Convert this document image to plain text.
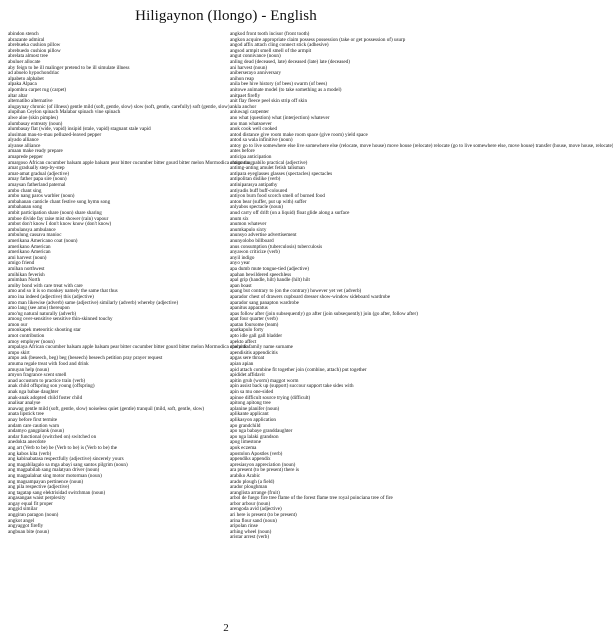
Hiligaynon (Ilongo) - English
abindon stench
abrazante admiral
abrebueka cushion pillow
abrebuedo cushion pillow
abrelata almost tree
abuluer allocate
aby feign to be ill malinger pretend to be ill simulate illness
ad abuelo hypochondriac
alpabeto alphabet
alpaka Alpaca
alpombra carpet rug (carpet)
altar altar
alternatibo alternative
alugaynay chronic (of illness) gentle mild (soft, gentle, slow) slow (soft, gentle, carefully) soft (gentle, slow)
alupihan Ceylon spinach Malabar spinach vine spinach
alwe aloe (skin pimples)
alumbasay entreaty (noun)
alumbasay flat (wide, vapid) insipid (stale, vapid) stagnant stale vapid
alusiman mau-to-mau pelluzed-leaved pepper
alyado alliance
alyanse alliance
amaan make ready prepare
amaprede pepper
amargoso African cucumber balsam apple balsam pear bitter cucumber bitter gourd bitter melon Mormodica charantia
amat gradually step-by-step
amat-amat gradual (adjective)
amay father papa sire (noun)
amaysan fatherland paternal
ambo chant sing
ambo nang paros warbler (noun)
ambahanan canticle chant festive song hymn song
ambahanan song
ambit participation share (noun) share sharing
amboe divide fay raise mist shower (rain) vapour
ambot don't know I don't know know (don't know)
ambulansya ambulance
ambulung cassava manioc
amerikana Americano coat (noun)
amerikano American
amerikano American
ami harvest (noun)
amigo friend
amihan northwest
amihikan feverish
amimban North
amiby bond with care treat with care
amo and so it is so monkey namely the same that thus
amo ina indeed (adjective) this (adjective)
amo man likewise (adverb) same (adjective) similarly (adverb) whereby (adjective)
amo lang (see amo) thereupon
amo'ng natural naturally (adverb)
amoog over-sensitive sensitive thin-skinned touchy
amon our
amonkapek meteoritic shooting star
amot contribution
amoy employer (noun)
ampalaya African cucumber balsam apple balsam pear bitter cucumber bitter gourd bitter melon Mormodica charantia
ampo skirt
ampo ask (beseech, beg) beg (beseech) beseech petition pray prayer request
amuma regale treat with food and drink
amuyan help (noun)
amyon fragrance scent smell
anad accustom to practice train (verb)
anak child offspring son young (offspring)
anak nga babae daughter
anak-anak adopted child foster child
analisar analyse
anawag gentle mild (soft, gentle, slow) noiseless quiet (gentle) tranquil (mild, soft, gentle, slow)
anata lipstick tree
anay before first termite
andam care caution warn
andamyo gangplank (noun)
andar functional (switched on) switched on
anedoktа anecdote
ang art (Verb to be) be (Verb to be) is (Verb to be) the
ang kabos kita (verb)
ang kabinabatasa respectfully (adjective) sincerely yours
ang magabilagalo sa mga abayi sang santos pilgrim (noun)
ang magpabilab sang malatyan driver (noun)
ang magpalalnat sing motor motorman (noun)
ang magsampayan pertinence (noun)
ang pila respective (adjective)
ang tagatap sang elektrisidad switchman (noun)
angasangaя waist perplexity
angay equal fit proper
anggid similar
anggiran paragon (noun)
angkot angel
angyaggot firefly
angbuan bite (noun)
angkod front tooth incisor (front tooth)
angkon acquire appropriate claim possess possession (take or get possession of) usurp
angod affix attach cling connect stick (adhesive)
angsod armpit smell smell of the armpit
angut connivance (noun)
anling dead (deceased, late) deceased (late) late (deceased)
ani harvest (noun)
aniberserayo anniversary
anihon reap
anila bee hive history (of bees) swarm (of bees)
anitowe animate model (to take something as a model)
anitpaet firefly
anit flay fleece peel skin strip off skin
ankla anchor
anluwagi carpenter
ano what (question) what (interjection) whatever
ano man whatsoever
anok cook well cooked
antod distance give room make room space (give room) yield space
antod sa wala infinitive (noun)
antoy go to live somewhere else live somewhere else (relocate, move house) move house (relocate) relocate (go to live somewhere else, move house) transfer (house, move house, relocate)
antes before
anticipa anticipation
antigo magpabilo practical (adjective)
antimg-anting amulet fetish talisman
antipara eyeglasses glasses (spectacles) spectacles
antipolitan dislike (verb)
antiniparasya antipathy
antiyadis buff buff-coloured
antiyon burn food scorch smell of burned food
anton bear (suffer, put up with) suffer
anlyabos spectacle (noun)
anud carry off drift (on a liquid) float glide along a surface
anum six
anumon whatever
anumkapulo sixty
anunsyo advertise advertisement
anunyolobo billboard
anus consumption (tuberculosis) tuberculosis
anyawon criticize (verb)
anyil indigo
anyo year
apa dumb mute tongue-tied (adjective)
apahan bewildered speechless
apal grip (handle, hilt) handle (hilt) hilt
apan boast
apang but contrary to (on the contrary) however yet vet (adverb)
aparador chest of drawers cupboard dresser show-window sideboard wardrobe
aparador sang panapton wardrobe
apanitus apparatus
apas follow after (join subsequently) go after (join subsequently) join (go after, follow after)
apat four quarter (verb)
apatan foursome (team)
apatkapulo forty
apto idle gall gall bladder
apekto affect
apelyido family name surname
apendisitis appendicitis
apgas sere throat
apian apian
apid attach combine fit together join (combine, attach) put together
apididet affidavit
apitin grub (worm) maggot worm
apin assist back up (support) succour support take sides with
apin sa mu one-sided
apinoe difficult source trying (difficult)
apitong apitong tree
aplanine planifer (noun)
aplikante applicant
aplikasyon application
apo grandchild
apo nga babaye granddaughter
apo nga lalaki grandson
apog limestone
apok eczema
apostolon Apostles (verb)
appendiks appendix
apresiasyon appreciation (noun)
ara present (to be present) there is
arabiko Arabic
arado plough (a field)
arador ploughman
aranglista arrange (fruit)
arbol de fuego fire tree flame of the forest flame tree royal poinciana tree of fire
arbor arbour (noun)
arengoda avid (adjective)
ari here is present (to be present)
arina flour sand (noun)
aripolan rinse
arhing wheel (noun)
aristar arrest (verb)
2
